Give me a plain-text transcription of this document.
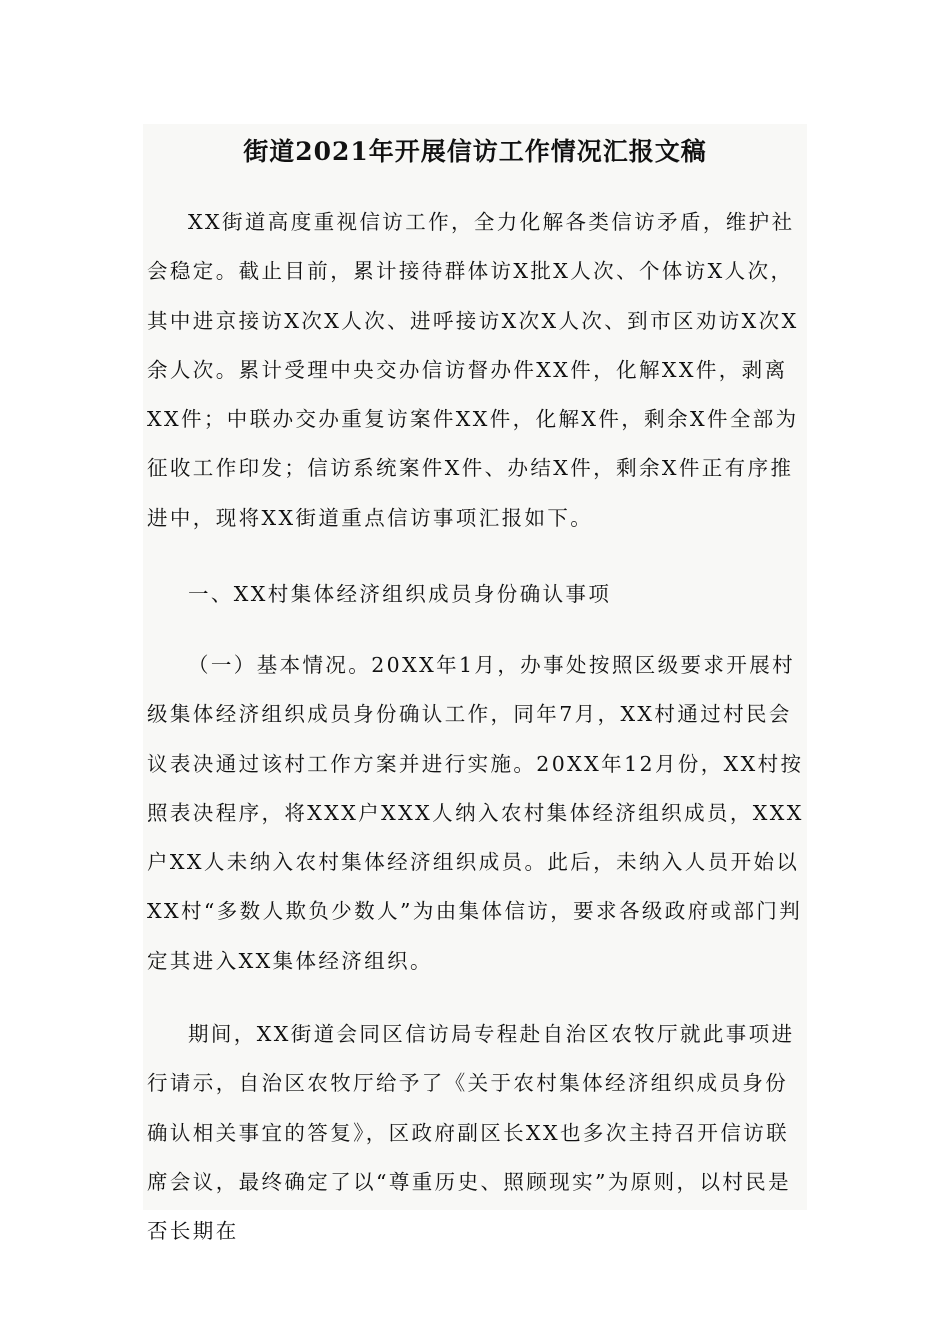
街道2021年开展信访工作情况汇报文稿

XX街道高度重视信访工作，全力化解各类信访矛盾，维护社会稳定。截止目前，累计接待群体访X批X人次、个体访X人次，其中进京接访X次X人次、进呼接访X次X人次、到市区劝访X次X余人次。累计受理中央交办信访督办件XX件，化解XX件，剥离XX件；中联办交办重复访案件XX件，化解X件，剩余X件全部为征收工作印发；信访系统案件X件、办结X件，剩余X件正有序推进中，现将XX街道重点信访事项汇报如下。

一、XX村集体经济组织成员身份确认事项

（一）基本情况。20XX年1月，办事处按照区级要求开展村级集体经济组织成员身份确认工作，同年7月，XX村通过村民会议表决通过该村工作方案并进行实施。20XX年12月份，XX村按照表决程序，将XXX户XXX人纳入农村集体经济组织成员，XXX户XX人未纳入农村集体经济组织成员。此后，未纳入人员开始以XX村“多数人欺负少数人”为由集体信访，要求各级政府或部门判定其进入XX集体经济组织。

期间，XX街道会同区信访局专程赴自治区农牧厅就此事项进行请示，自治区农牧厅给予了《关于农村集体经济组织成员身份确认相关事宜的答复》，区政府副区长XX也多次主持召开信访联席会议，最终确定了以“尊重历史、照顾现实”为原则，以村民是否长期在
